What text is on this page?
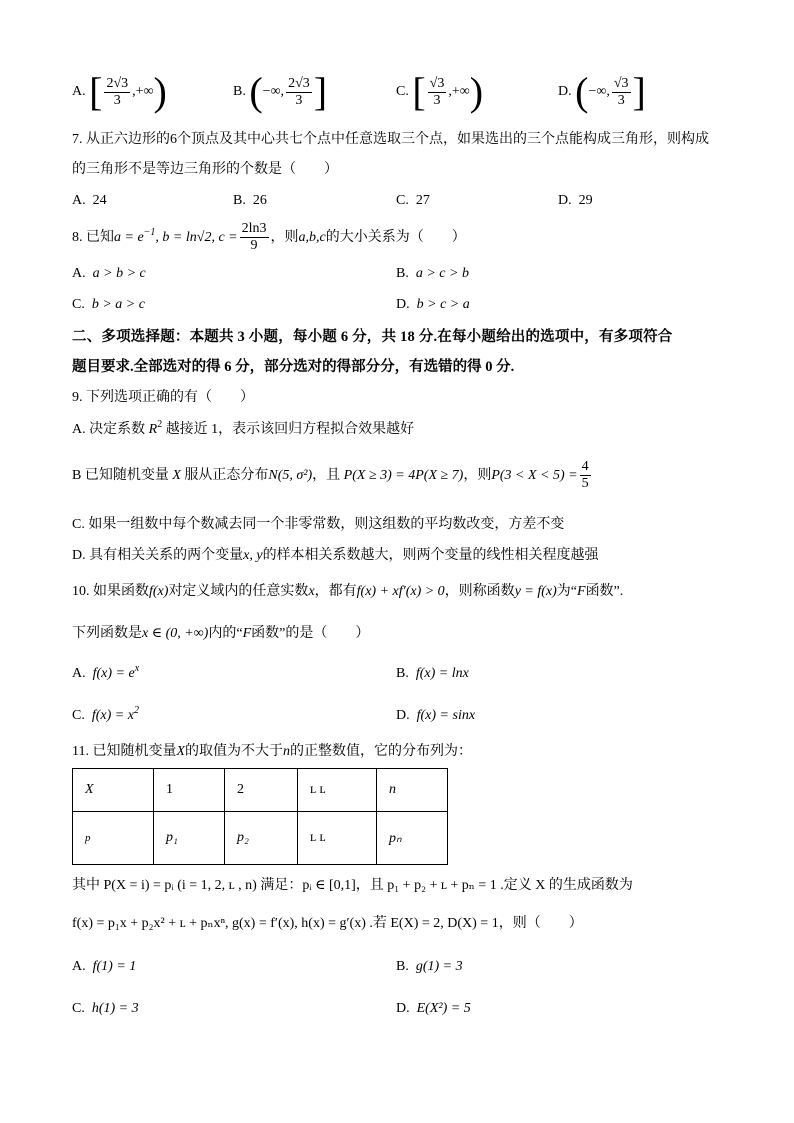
A. [ $\frac{2√3}{3}$ ,+∞)	B. (−∞, $\frac{2√3}{3}$ ]	C. [ $\frac{√3}{3}$ ,+∞)	D. (−∞, $\frac{√3}{3}$ ]
7. 从正六边形的6个顶点及其中心共七个点中任意选取三个点，如果选出的三个点能构成三角形，则构成
的三角形不是等边三角形的个数是（　　）
A. 24	B. 26	C. 27	D. 29
8. 已知$a = e^{-1}$, b = ln√2, $c = \frac{2\ln 3}{9}$ ，则a,b,c的大小关系为（　　）
A. a > b > c	B. a > c > b
C. b > a > c	D. b > c > a
二、多项选择题：本题共 3 小题，每小题 6 分，共 18 分.在每小题给出的选项中，有多项符合
题目要求.全部选对的得 6 分，部分选对的得部分分，有选错的得 0 分.
9. 下列选项正确的有（　　）
A. 决定系数 $R^2$ 越接近 1，表示该回归方程拟合效果越好
B 已知随机变量 X 服从正态分布N(5, σ²)，且 P(X ≥ 3) = 4P(X ≥ 7)，则$P(3 < X < 5) = \frac{4}{5}$
C. 如果一组数中每个数减去同一个非零常数，则这组数的平均数改变，方差不变
D. 具有相关关系的两个变量x, y的样本相关系数越大，则两个变量的线性相关程度越强
10. 如果函数f(x)对定义域内的任意实数x，都有f(x) + xf′(x) > 0，则称函数y = f(x)为“F函数”.
下列函数是x ∈ (0, +∞)内的“F函数”的是（　　）
A. $f(x) = e^x$	B. f(x) = lnx
C. $f(x) = x^2$	D. f(x) = sinx
11. 已知随机变量X的取值为不大于n的正整数值，它的分布列为：
X	1	2	ʟ ʟ	n
p	p₁	p₂	ʟ ʟ	pₙ
其中 P(X = i) = pᵢ (i = 1, 2, ʟ , n) 满足：pᵢ ∈ [0,1]，且 p₁ + p₂ + ʟ + pₙ = 1 .定义 X 的生成函数为
f(x) = p₁x + p₂x² + ʟ + pₙxⁿ, g(x) = f′(x), h(x) = g′(x) .若 E(X) = 2, D(X) = 1，则（　　）
A. f(1) = 1	B. g(1) = 3
C. h(1) = 3	D. E(X²) = 5
